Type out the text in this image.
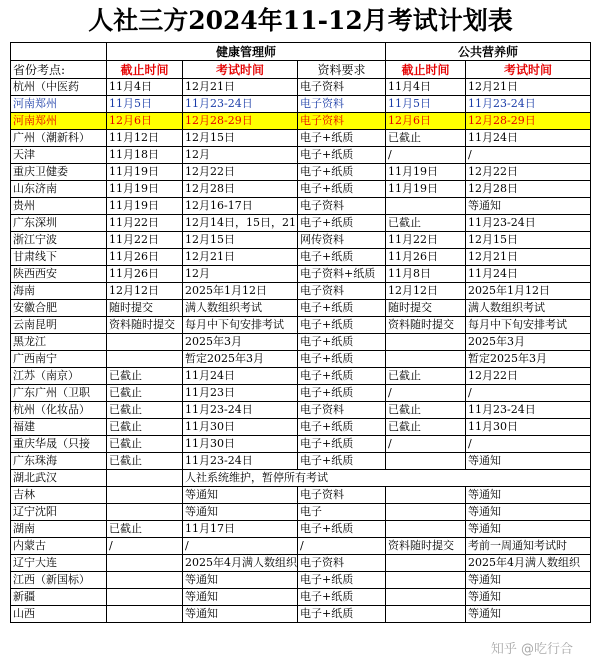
人社三方2024年11-12月考试计划表
	健康管理师			公共营养师	
省份考点:	截止时间	考试时间	资料要求	截止时间	考试时间
杭州（中医药	11月4日	12月21日	电子资料	11月4日	12月21日
河南郑州	11月5日	11月23-24日	电子资料	11月5日	11月23-24日
河南郑州	12月6日	12月28-29日	电子资料	12月6日	12月28-29日
广州（潮新科）	11月12日	12月15日	电子+纸质	已截止	11月24日
天津	11月18日	12月	电子+纸质	/	/
重庆卫健委	11月19日	12月22日	电子+纸质	11月19日	12月22日
山东济南	11月19日	12月28日	电子+纸质	11月19日	12月28日
贵州	11月19日	12月16-17日	电子资料		等通知
广东深圳	11月22日	12月14日，15日，21	电子+纸质	已截止	11月23-24日
浙江宁波	11月22日	12月15日	网传资料	11月22日	12月15日
甘肃线下	11月26日	12月21日	电子+纸质	11月26日	12月21日
陕西西安	11月26日	12月	电子资料+纸质	11月8日	11月24日
海南	12月12日	2025年1月12日	电子资料	12月12日	2025年1月12日
安徽合肥	随时提交	满人数组织考试	电子+纸质	随时提交	满人数组织考试
云南昆明	资料随时提交	每月中下旬安排考试	电子+纸质	资料随时提交	每月中下旬安排考试
黑龙江		2025年3月	电子+纸质		2025年3月
广西南宁		暂定2025年3月	电子+纸质		暂定2025年3月
江苏（南京）	已截止	11月24日	电子+纸质	已截止	12月22日
广东广州（卫职	已截止	11月23日	电子+纸质	/	/
杭州（化妆品）	已截止	11月23-24日	电子资料	已截止	11月23-24日
福建	已截止	11月30日	电子+纸质	已截止	11月30日
重庆华晟（只接	已截止	11月30日	电子+纸质	/	/
广东珠海	已截止	11月23-24日	电子+纸质		等通知
湖北武汉		人社系统维护，暂停所有考试			
吉林		等通知	电子资料		等通知
辽宁沈阳		等通知	电子		等通知
湖南	已截止	11月17日	电子+纸质		等通知
内蒙古	/	/	/	资料随时提交	考前一周通知考试时
辽宁大连		2025年4月满人数组织	电子资料		2025年4月满人数组织
江西（新国标）		等通知	电子+纸质		等通知
新疆		等通知	电子+纸质		等通知
山西		等通知	电子+纸质		等通知
知乎 @吃行合
